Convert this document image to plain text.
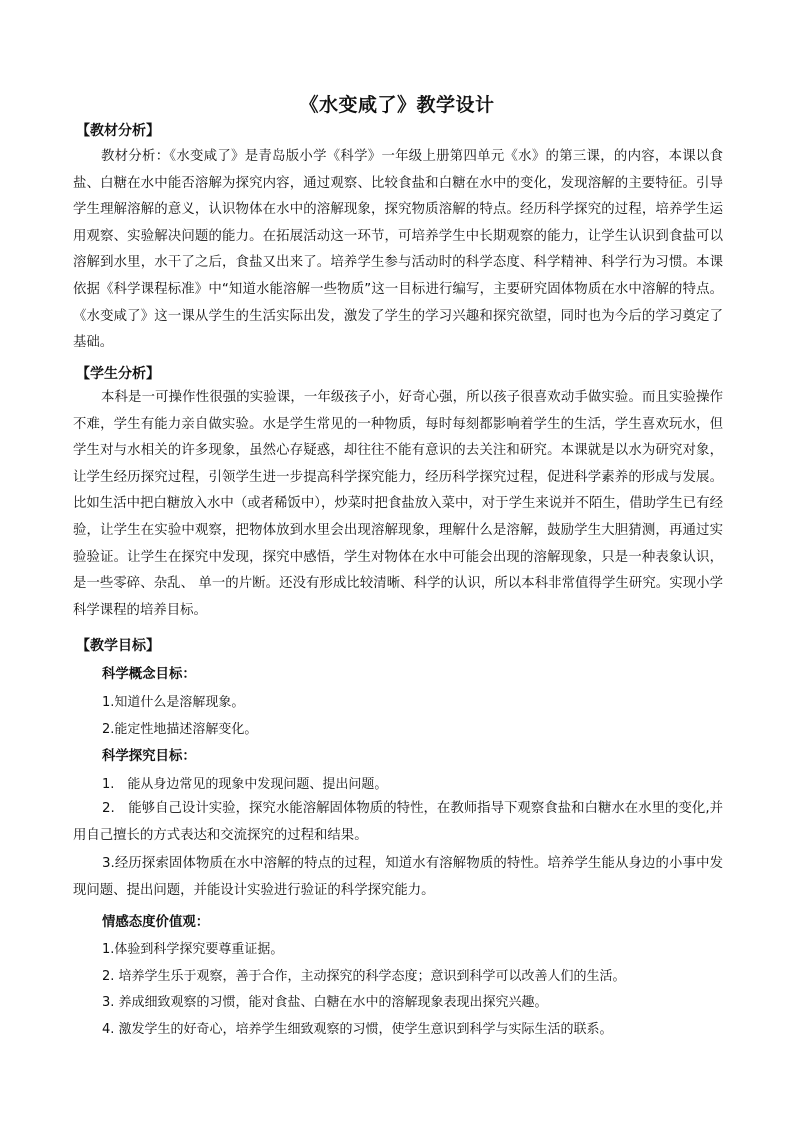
《水变咸了》教学设计
【教材分析】
教材分析：《水变咸了》是青岛版小学《科学》一年级上册第四单元《水》的第三课，的内容，本课以食盐、白糖在水中能否溶解为探究内容，通过观察、比较食盐和白糖在水中的变化，发现溶解的主要特征。引导学生理解溶解的意义，认识物体在水中的溶解现象，探究物质溶解的特点。经历科学探究的过程，培养学生运用观察、实验解决问题的能力。在拓展活动这一环节，可培养学生中长期观察的能力，让学生认识到食盐可以溶解到水里，水干了之后，食盐又出来了。培养学生参与活动时的科学态度、科学精神、科学行为习惯。本课依据《科学课程标准》中“知道水能溶解一些物质”这一目标进行编写，主要研究固体物质在水中溶解的特点。《水变咸了》这一课从学生的生活实际出发，激发了学生的学习兴趣和探究欲望，同时也为今后的学习奠定了基础。
【学生分析】
本科是一可操作性很强的实验课，一年级孩子小，好奇心强，所以孩子很喜欢动手做实验。而且实验操作不难，学生有能力亲自做实验。水是学生常见的一种物质，每时每刻都影响着学生的生活，学生喜欢玩水，但学生对与水相关的许多现象，虽然心存疑惑，却往往不能有意识的去关注和研究。本课就是以水为研究对象，让学生经历探究过程，引领学生进一步提高科学探究能力，经历科学探究过程，促进科学素养的形成与发展。比如生活中把白糖放入水中（或者稀饭中），炒菜时把食盐放入菜中，对于学生来说并不陌生，借助学生已有经验，让学生在实验中观察，把物体放到水里会出现溶解现象，理解什么是溶解，鼓励学生大胆猜测，再通过实验验证。让学生在探究中发现，探究中感悟，学生对物体在水中可能会出现的溶解现象，只是一种表象认识，是一些零碎、杂乱、 单一的片断。还没有形成比较清晰、科学的认识，所以本科非常值得学生研究。实现小学科学课程的培养目标。
【教学目标】
科学概念目标：
1.知道什么是溶解现象。
2.能定性地描述溶解变化。
科学探究目标：
1.　能从身边常见的现象中发现问题、提出问题。
2.　能够自己设计实验，探究水能溶解固体物质的特性，在教师指导下观察食盐和白糖水在水里的变化,并用自己擅长的方式表达和交流探究的过程和结果。
3.经历探索固体物质在水中溶解的特点的过程，知道水有溶解物质的特性。培养学生能从身边的小事中发现问题、提出问题，并能设计实验进行验证的科学探究能力。
情感态度价值观：
1.体验到科学探究要尊重证据。
2. 培养学生乐于观察，善于合作，主动探究的科学态度；意识到科学可以改善人们的生活。
3. 养成细致观察的习惯，能对食盐、白糖在水中的溶解现象表现出探究兴趣。
4. 激发学生的好奇心，培养学生细致观察的习惯，使学生意识到科学与实际生活的联系。
